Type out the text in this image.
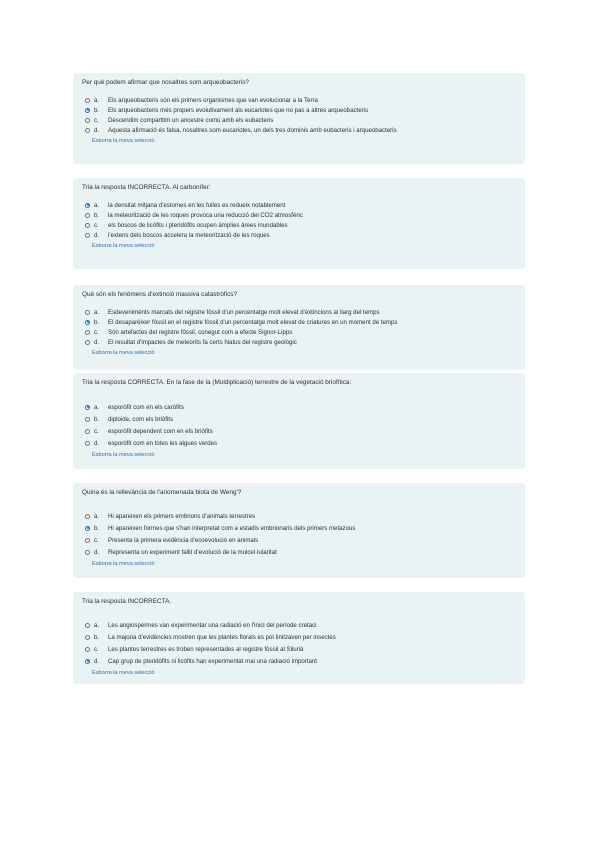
Per què podem afirmar que nosaltres som arqueobacteris?
a.	Els arqueobacteris són els primers organismes que van evolucionar a la Terra
b.	Els arqueobacteris més propers evolutivament als eucariotes que no pas a altres arqueobacteris
c.	Descendim comparttim un ancestre comú amb els eubacteris
d.	Aquesta afirmació és falsa, nosaltres som eucariotes, un dels tres dominis amb eubacteris i arqueobacteris
Esborra la meva selecció
Tria la resposta INCORRECTA. Al carbonífer:
a.	la densitat mitjana d'estomes en les fulles es redueix notablement
b.	la meteorització de les roques provoca una reducció del CO2 atmosfèric
c.	els boscos de licòfits i pteridòfits ocupen àmplies àrees inundables
d.	l'extens dels boscos accelera la meteorització de les roques
Esborra la meva selecció
Què són els fenòmens d'extinció massiva catastròfics?
a.	Esdeveniments marcats del registre fòssil d'un percentatge molt elevat d'extincions al llarg del temps
b.	El desaparèixer fòssil en el registre fòssil d'un percentatge molt elevat de criatures en un moment de temps
c.	Són artefactes del registre fòssil, conegut com a efecte Signor-Lipps
d.	El resultat d'impactes de meteorits fa certs hiatus del registre geològic
Esborra la meva selecció
Tria la resposta CORRECTA. En la fase de la (Muldiplicació) terrestre de la vegetació briofítica:
a.	esporòfit com en els caròfits
b.	diploide, com els briòfits
c.	esporòfit dependent com en els briòfits
d.	esporòfit com en totes les algues verdes
Esborra la meva selecció
Quina és la rellevància de l'anomenada biota de Weng'?
a.	Hi apareixen els primers embrions d'animals terrestres
b.	Hi apareixen formes que s'han interpretat com a estadis embrionaris dels primers metazous
c.	Presenta la primera evidència d'ecoevolució en animals
d.	Representa un experiment fallit d'evolució de la mulcel·lularitat
Esborra la meva selecció
Tria la resposta INCORRECTA.
a.	Les angiospermes van experimentar una radiació en l'inici del període cretaci
b.	La majoria d'evidències mostren que les plantes florals es pol·linitzaven per insectes
c.	Les plantes terrestres es troben representades al registre fòssil al Silurià
d.	Cap grup de pteridòfits ni licòfits han experimentat mai una radiació important
Esborra la meva selecció
